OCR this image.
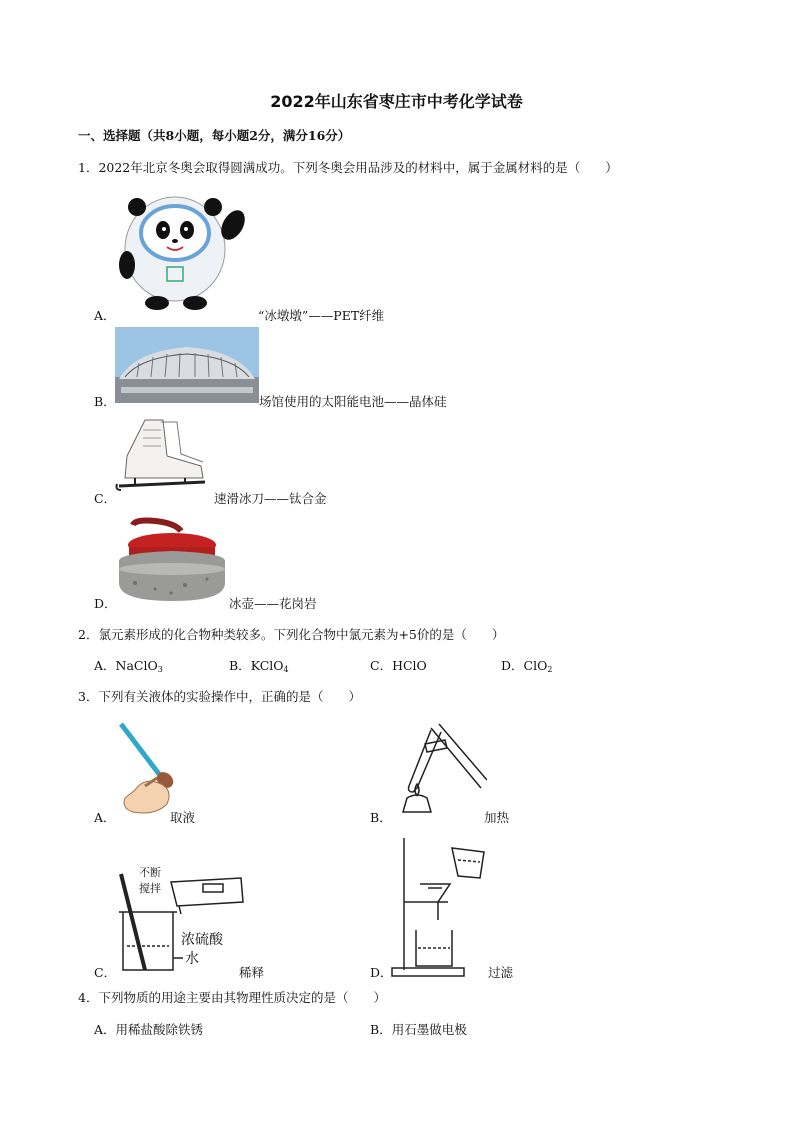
2022年山东省枣庄市中考化学试卷
一、选择题（共8小题，每小题2分，满分16分）
1．2022年北京冬奥会取得圆满成功。下列冬奥会用品涉及的材料中，属于金属材料的是（　　）
A．	“冰墩墩”——PET纤维
B．	场馆使用的太阳能电池——晶体硅
C．	速滑冰刀——钛合金
D．	冰壶——花岗岩
2．氯元素形成的化合物种类较多。下列化合物中氯元素为+5价的是（　　）
A．NaClO$_3$	B．KClO$_4$	C．HClO	D．ClO$_2$
3．下列有关液体的实验操作中，正确的是（　　）
A．	取液	B．	加热
不断
搅拌
浓硫酸
水
C．	稀释	D．	过滤
4．下列物质的用途主要由其物理性质决定的是（　　）
A．用稀盐酸除铁锈	B．用石墨做电极
